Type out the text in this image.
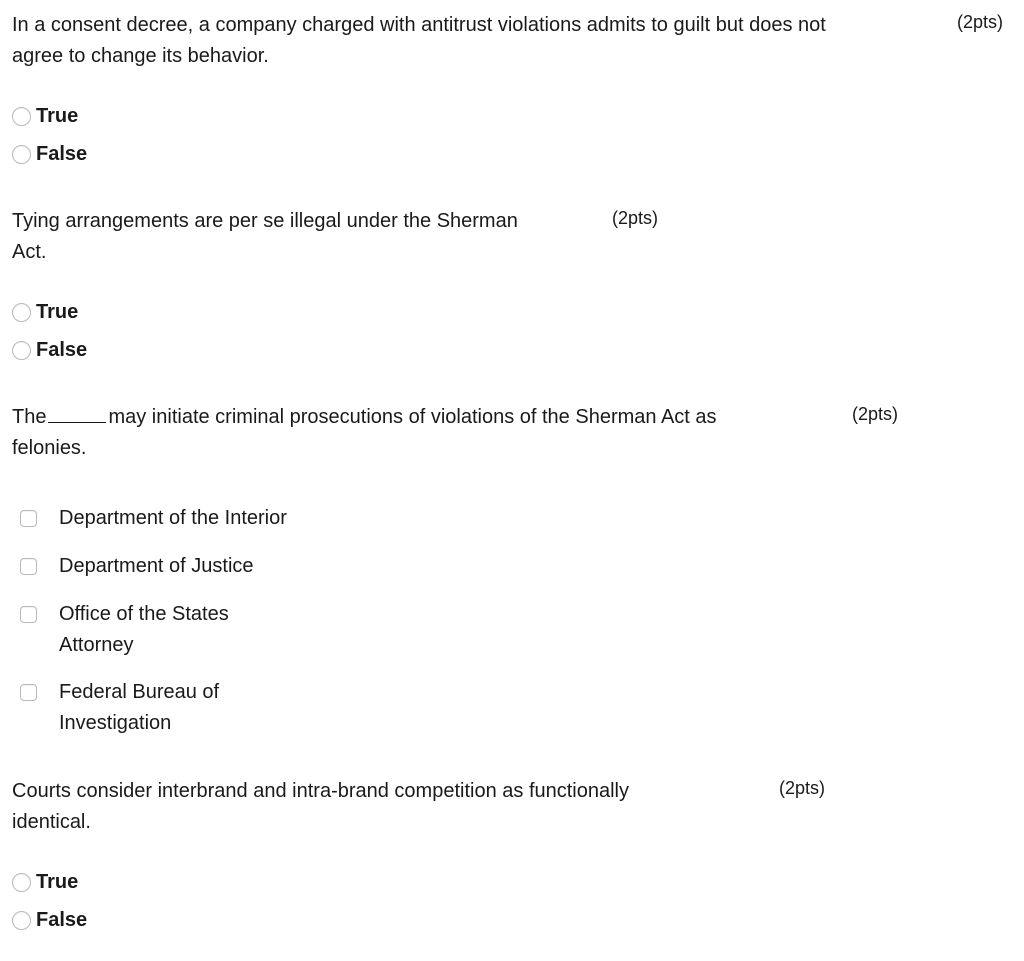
In a consent decree, a company charged with antitrust violations admits to guilt but does not
agree to change its behavior.
(2pts)
True
False
Tying arrangements are per se illegal under the Sherman
Act.
(2pts)
True
False
The	may initiate criminal prosecutions of violations of the Sherman Act as
felonies.
(2pts)
Department of the Interior
Department of Justice
Office of the States
Attorney
Federal Bureau of
Investigation
Courts consider interbrand and intra-brand competition as functionally
identical.
(2pts)
True
False
